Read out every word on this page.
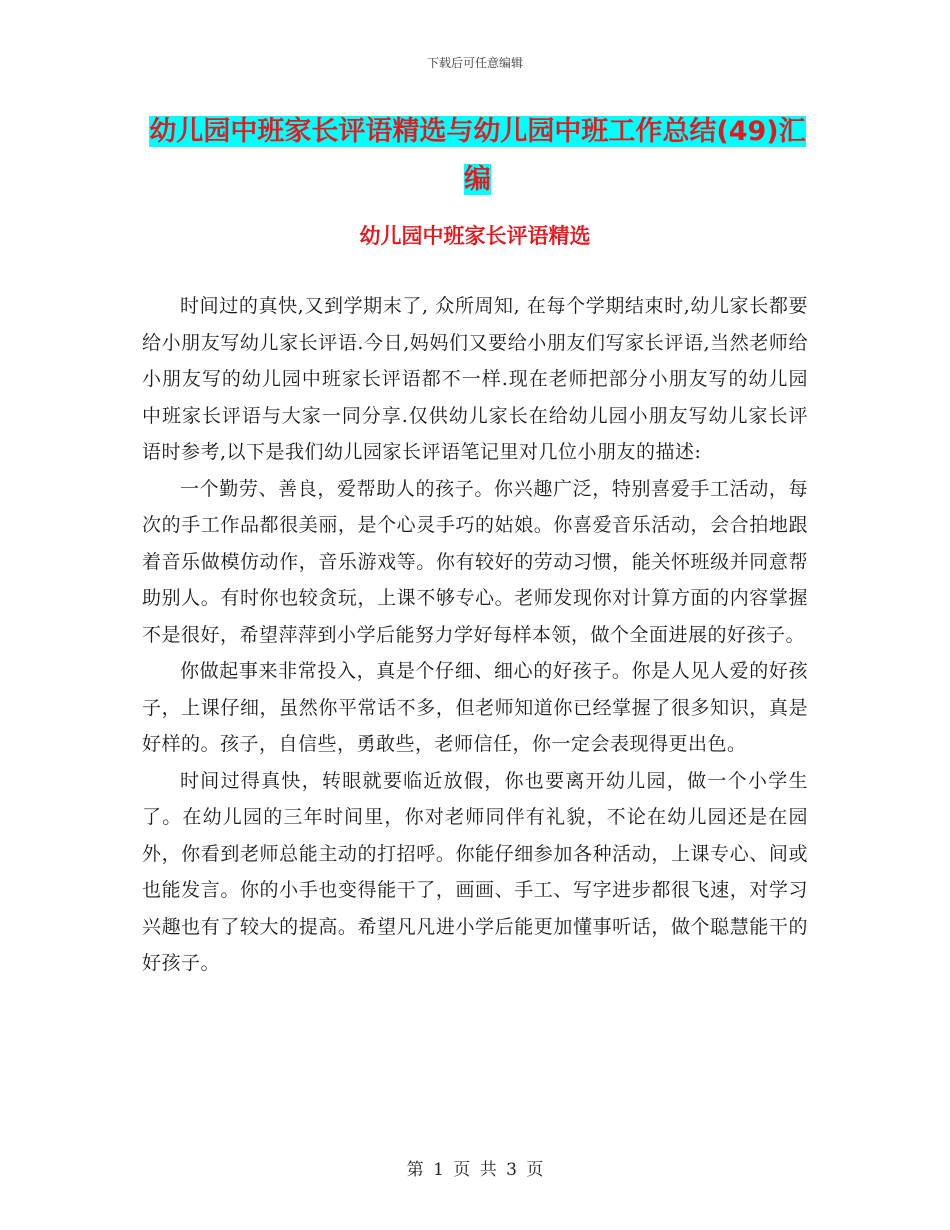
下载后可任意编辑
幼儿园中班家长评语精选与幼儿园中班工作总结(49)汇编
幼儿园中班家长评语精选

时间过的真快,又到学期末了, 众所周知, 在每个学期结束时,幼儿家长都要给小朋友写幼儿家长评语.今日,妈妈们又要给小朋友们写家长评语,当然老师给小朋友写的幼儿园中班家长评语都不一样.现在老师把部分小朋友写的幼儿园中班家长评语与大家一同分享.仅供幼儿家长在给幼儿园小朋友写幼儿家长评语时参考,以下是我们幼儿园家长评语笔记里对几位小朋友的描述:

一个勤劳、善良，爱帮助人的孩子。你兴趣广泛，特别喜爱手工活动，每次的手工作品都很美丽，是个心灵手巧的姑娘。你喜爱音乐活动，会合拍地跟着音乐做模仿动作，音乐游戏等。你有较好的劳动习惯，能关怀班级并同意帮助别人。有时你也较贪玩，上课不够专心。老师发现你对计算方面的内容掌握不是很好，希望萍萍到小学后能努力学好每样本领，做个全面进展的好孩子。

你做起事来非常投入，真是个仔细、细心的好孩子。你是人见人爱的好孩子，上课仔细，虽然你平常话不多，但老师知道你已经掌握了很多知识，真是好样的。孩子，自信些，勇敢些，老师信任，你一定会表现得更出色。

时间过得真快，转眼就要临近放假，你也要离开幼儿园，做一个小学生了。在幼儿园的三年时间里，你对老师同伴有礼貌，不论在幼儿园还是在园外，你看到老师总能主动的打招呼。你能仔细参加各种活动，上课专心、间或也能发言。你的小手也变得能干了，画画、手工、写字进步都很飞速，对学习兴趣也有了较大的提高。希望凡凡进小学后能更加懂事听话，做个聪慧能干的好孩子。

第 1 页 共 3 页
